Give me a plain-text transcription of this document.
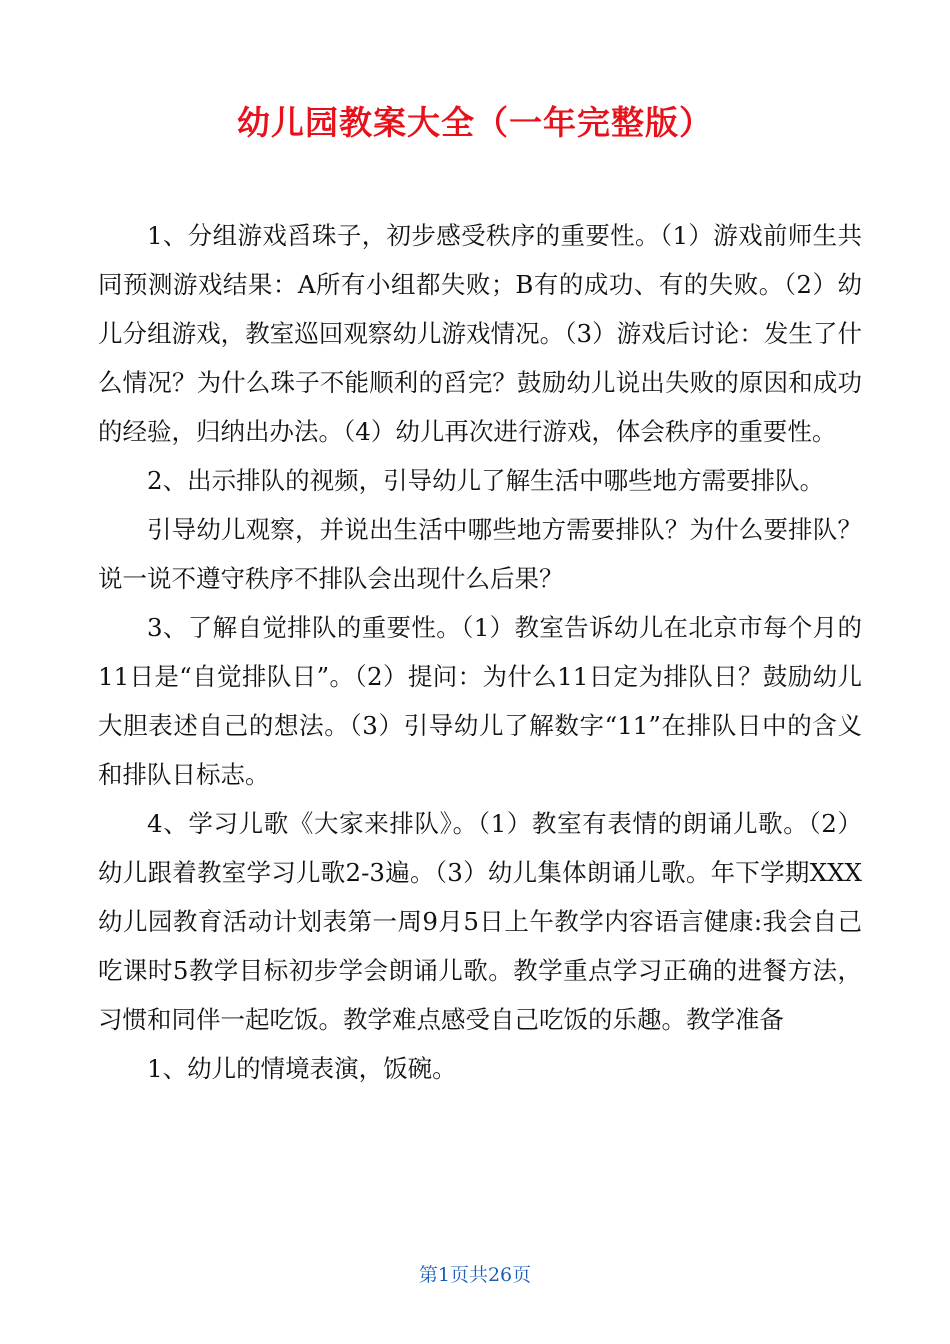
幼儿园教案大全（一年完整版）

1、分组游戏舀珠子，初步感受秩序的重要性。（1）游戏前师生共同预测游戏结果：A所有小组都失败；B有的成功、有的失败。（2）幼儿分组游戏，教室巡回观察幼儿游戏情况。（3）游戏后讨论：发生了什么情况？为什么珠子不能顺利的舀完？鼓励幼儿说出失败的原因和成功的经验，归纳出办法。（4）幼儿再次进行游戏，体会秩序的重要性。

2、出示排队的视频，引导幼儿了解生活中哪些地方需要排队。

引导幼儿观察，并说出生活中哪些地方需要排队？为什么要排队？说一说不遵守秩序不排队会出现什么后果？

3、了解自觉排队的重要性。（1）教室告诉幼儿在北京市每个月的11日是“自觉排队日”。（2）提问：为什么11日定为排队日？鼓励幼儿大胆表述自己的想法。（3）引导幼儿了解数字“11”在排队日中的含义和排队日标志。

4、学习儿歌《大家来排队》。（1）教室有表情的朗诵儿歌。（2）幼儿跟着教室学习儿歌2-3遍。（3）幼儿集体朗诵儿歌。年下学期XXX幼儿园教育活动计划表第一周9月5日上午教学内容语言健康:我会自己吃课时5教学目标初步学会朗诵儿歌。教学重点学习正确的进餐方法，习惯和同伴一起吃饭。教学难点感受自己吃饭的乐趣。教学准备

1、幼儿的情境表演，饭碗。

第1页共26页
